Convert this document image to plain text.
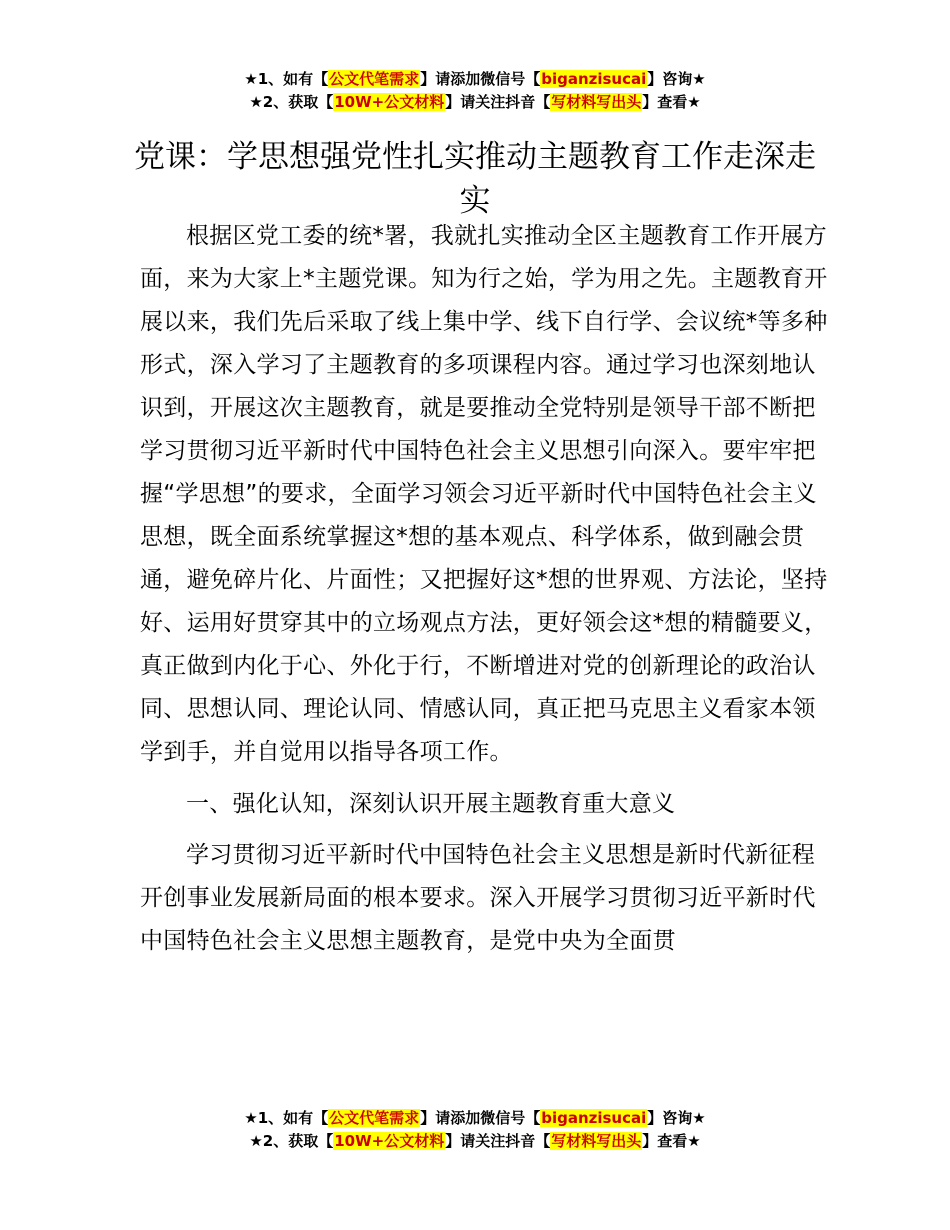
★1、如有【公文代笔需求】请添加微信号【biganzisucai】咨询★
★2、获取【10W+公文材料】请关注抖音【写材料写出头】查看★
党课：学思想强党性扎实推动主题教育工作走深走实

根据区党工委的统*署，我就扎实推动全区主题教育工作开展方面，来为大家上*主题党课。知为行之始，学为用之先。主题教育开展以来，我们先后采取了线上集中学、线下自行学、会议统*等多种形式，深入学习了主题教育的多项课程内容。通过学习也深刻地认识到，开展这次主题教育，就是要推动全党特别是领导干部不断把学习贯彻习近平新时代中国特色社会主义思想引向深入。要牢牢把握“学思想”的要求，全面学习领会习近平新时代中国特色社会主义思想，既全面系统掌握这*想的基本观点、科学体系，做到融会贯通，避免碎片化、片面性；又把握好这*想的世界观、方法论，坚持好、运用好贯穿其中的立场观点方法，更好领会这*想的精髓要义，真正做到内化于心、外化于行，不断增进对党的创新理论的政治认同、思想认同、理论认同、情感认同，真正把马克思主义看家本领学到手，并自觉用以指导各项工作。

一、强化认知，深刻认识开展主题教育重大意义

学习贯彻习近平新时代中国特色社会主义思想是新时代新征程开创事业发展新局面的根本要求。深入开展学习贯彻习近平新时代中国特色社会主义思想主题教育，是党中央为全面贯

★1、如有【公文代笔需求】请添加微信号【biganzisucai】咨询★
★2、获取【10W+公文材料】请关注抖音【写材料写出头】查看★
